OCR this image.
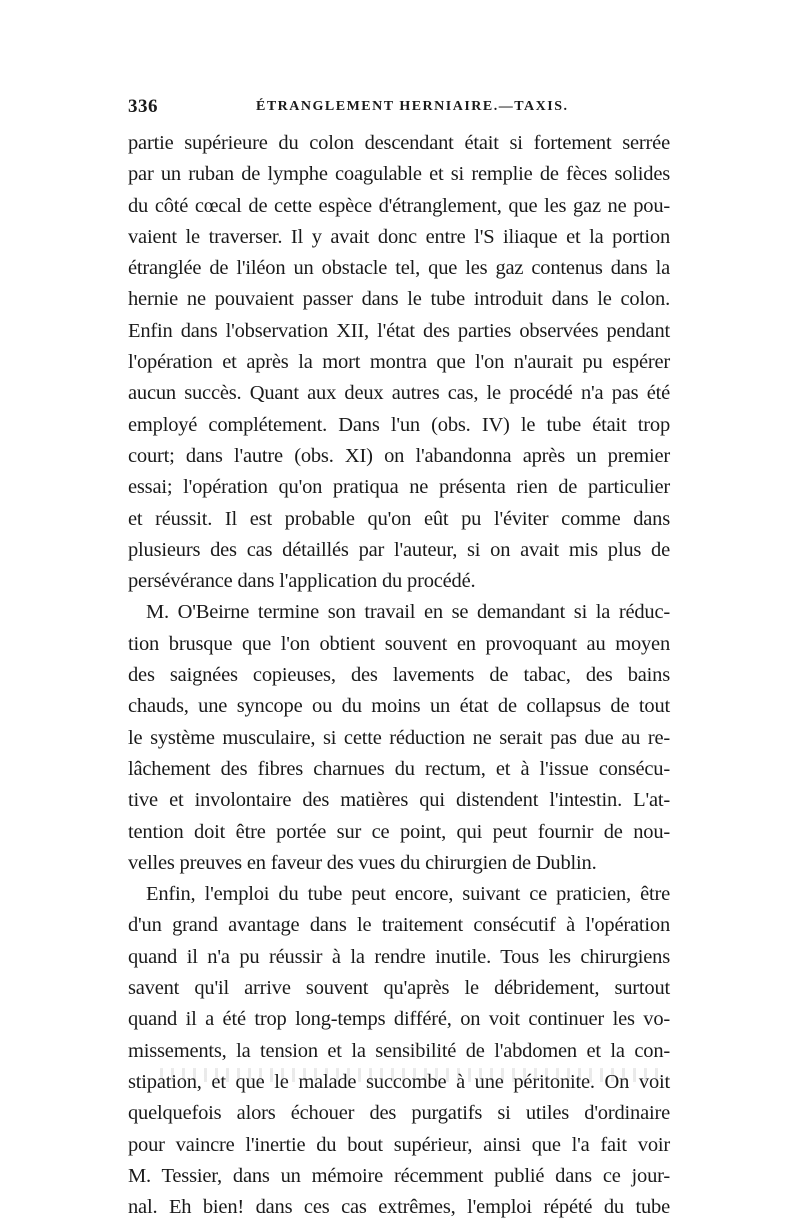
336	ÉTRANGLEMENT HERNIAIRE.—TAXIS.
partie supérieure du colon descendant était si fortement serrée
par un ruban de lymphe coagulable et si remplie de fèces solides
du côté cœcal de cette espèce d'étranglement, que les gaz ne pou-
vaient le traverser. Il y avait donc entre l'S iliaque et la portion
étranglée de l'iléon un obstacle tel, que les gaz contenus dans la
hernie ne pouvaient passer dans le tube introduit dans le colon.
Enfin dans l'observation XII, l'état des parties observées pendant
l'opération et après la mort montra que l'on n'aurait pu espérer
aucun succès. Quant aux deux autres cas, le procédé n'a pas été
employé complétement. Dans l'un (obs. IV) le tube était trop
court; dans l'autre (obs. XI) on l'abandonna après un premier
essai; l'opération qu'on pratiqua ne présenta rien de particulier
et réussit. Il est probable qu'on eût pu l'éviter comme dans
plusieurs des cas détaillés par l'auteur, si on avait mis plus de
persévérance dans l'application du procédé.
M. O'Beirne termine son travail en se demandant si la réduc-
tion brusque que l'on obtient souvent en provoquant au moyen
des saignées copieuses, des lavements de tabac, des bains
chauds, une syncope ou du moins un état de collapsus de tout
le système musculaire, si cette réduction ne serait pas due au re-
lâchement des fibres charnues du rectum, et à l'issue consécu-
tive et involontaire des matières qui distendent l'intestin. L'at-
tention doit être portée sur ce point, qui peut fournir de nou-
velles preuves en faveur des vues du chirurgien de Dublin.
Enfin, l'emploi du tube peut encore, suivant ce praticien, être
d'un grand avantage dans le traitement consécutif à l'opération
quand il n'a pu réussir à la rendre inutile. Tous les chirurgiens
savent qu'il arrive souvent qu'après le débridement, surtout
quand il a été trop long-temps différé, on voit continuer les vo-
missements, la tension et la sensibilité de l'abdomen et la con-
stipation, et que le malade succombe à une péritonite. On voit
quelquefois alors échouer des purgatifs si utiles d'ordinaire
pour vaincre l'inertie du bout supérieur, ainsi que l'a fait voir
M. Tessier, dans un mémoire récemment publié dans ce jour-
nal. Eh bien! dans ces cas extrêmes, l'emploi répété du tube
